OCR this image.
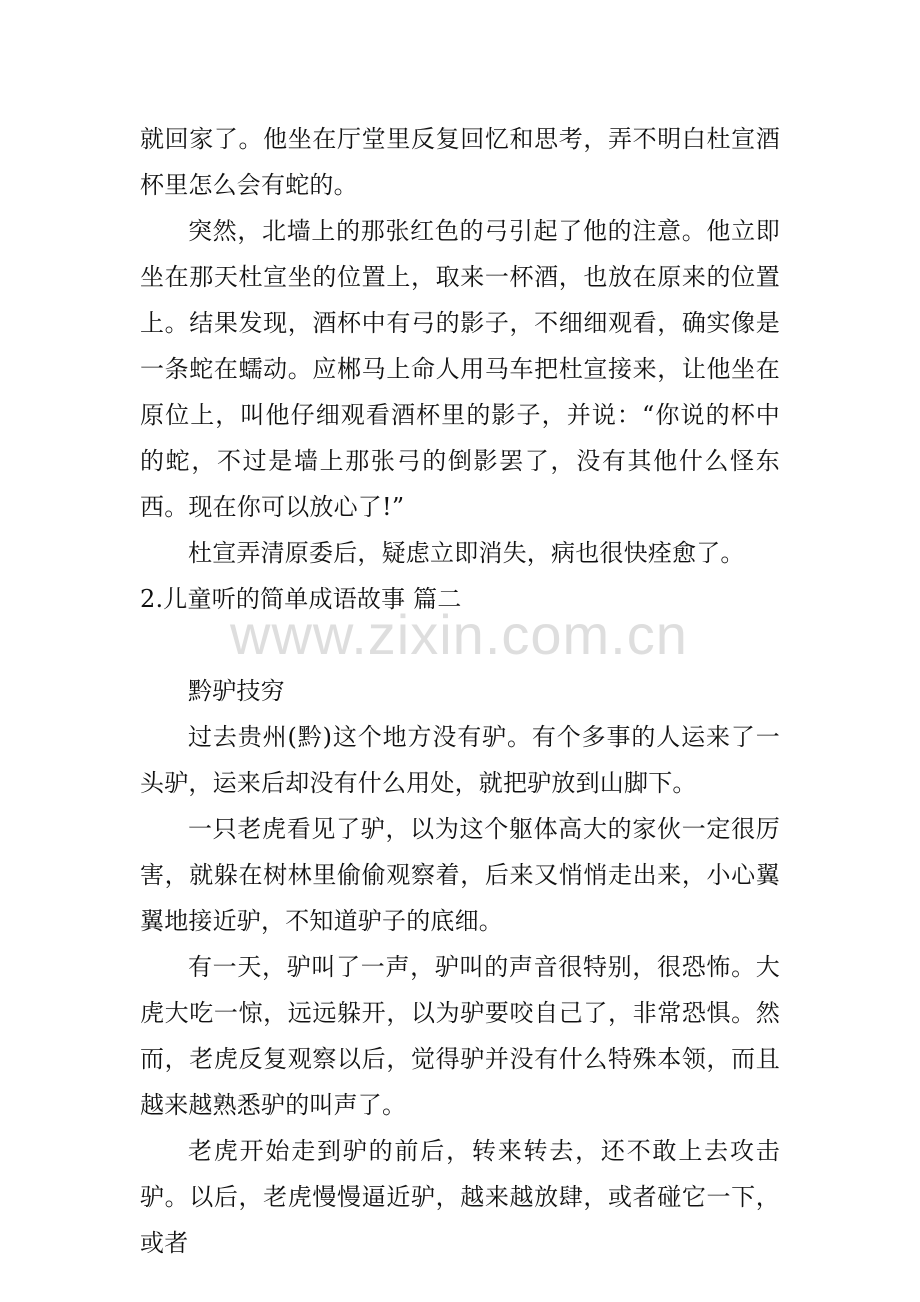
就回家了。他坐在厅堂里反复回忆和思考，弄不明白杜宣酒杯里怎么会有蛇的。

突然，北墙上的那张红色的弓引起了他的注意。他立即坐在那天杜宣坐的位置上，取来一杯酒，也放在原来的位置上。结果发现，酒杯中有弓的影子，不细细观看，确实像是一条蛇在蠕动。应郴马上命人用马车把杜宣接来，让他坐在原位上，叫他仔细观看酒杯里的影子，并说：“你说的杯中的蛇，不过是墙上那张弓的倒影罢了，没有其他什么怪东西。现在你可以放心了!”

杜宣弄清原委后，疑虑立即消失，病也很快痊愈了。

2.儿童听的简单成语故事 篇二

黔驴技穷

过去贵州(黔)这个地方没有驴。有个多事的人运来了一头驴，运来后却没有什么用处，就把驴放到山脚下。

一只老虎看见了驴，以为这个躯体高大的家伙一定很厉害，就躲在树林里偷偷观察着，后来又悄悄走出来，小心翼翼地接近驴，不知道驴子的底细。

有一天，驴叫了一声，驴叫的声音很特别，很恐怖。大虎大吃一惊，远远躲开，以为驴要咬自己了，非常恐惧。然而，老虎反复观察以后，觉得驴并没有什么特殊本领，而且越来越熟悉驴的叫声了。

老虎开始走到驴的前后，转来转去，还不敢上去攻击驴。以后，老虎慢慢逼近驴，越来越放肆，或者碰它一下，或者

www.zixin.com.cn
